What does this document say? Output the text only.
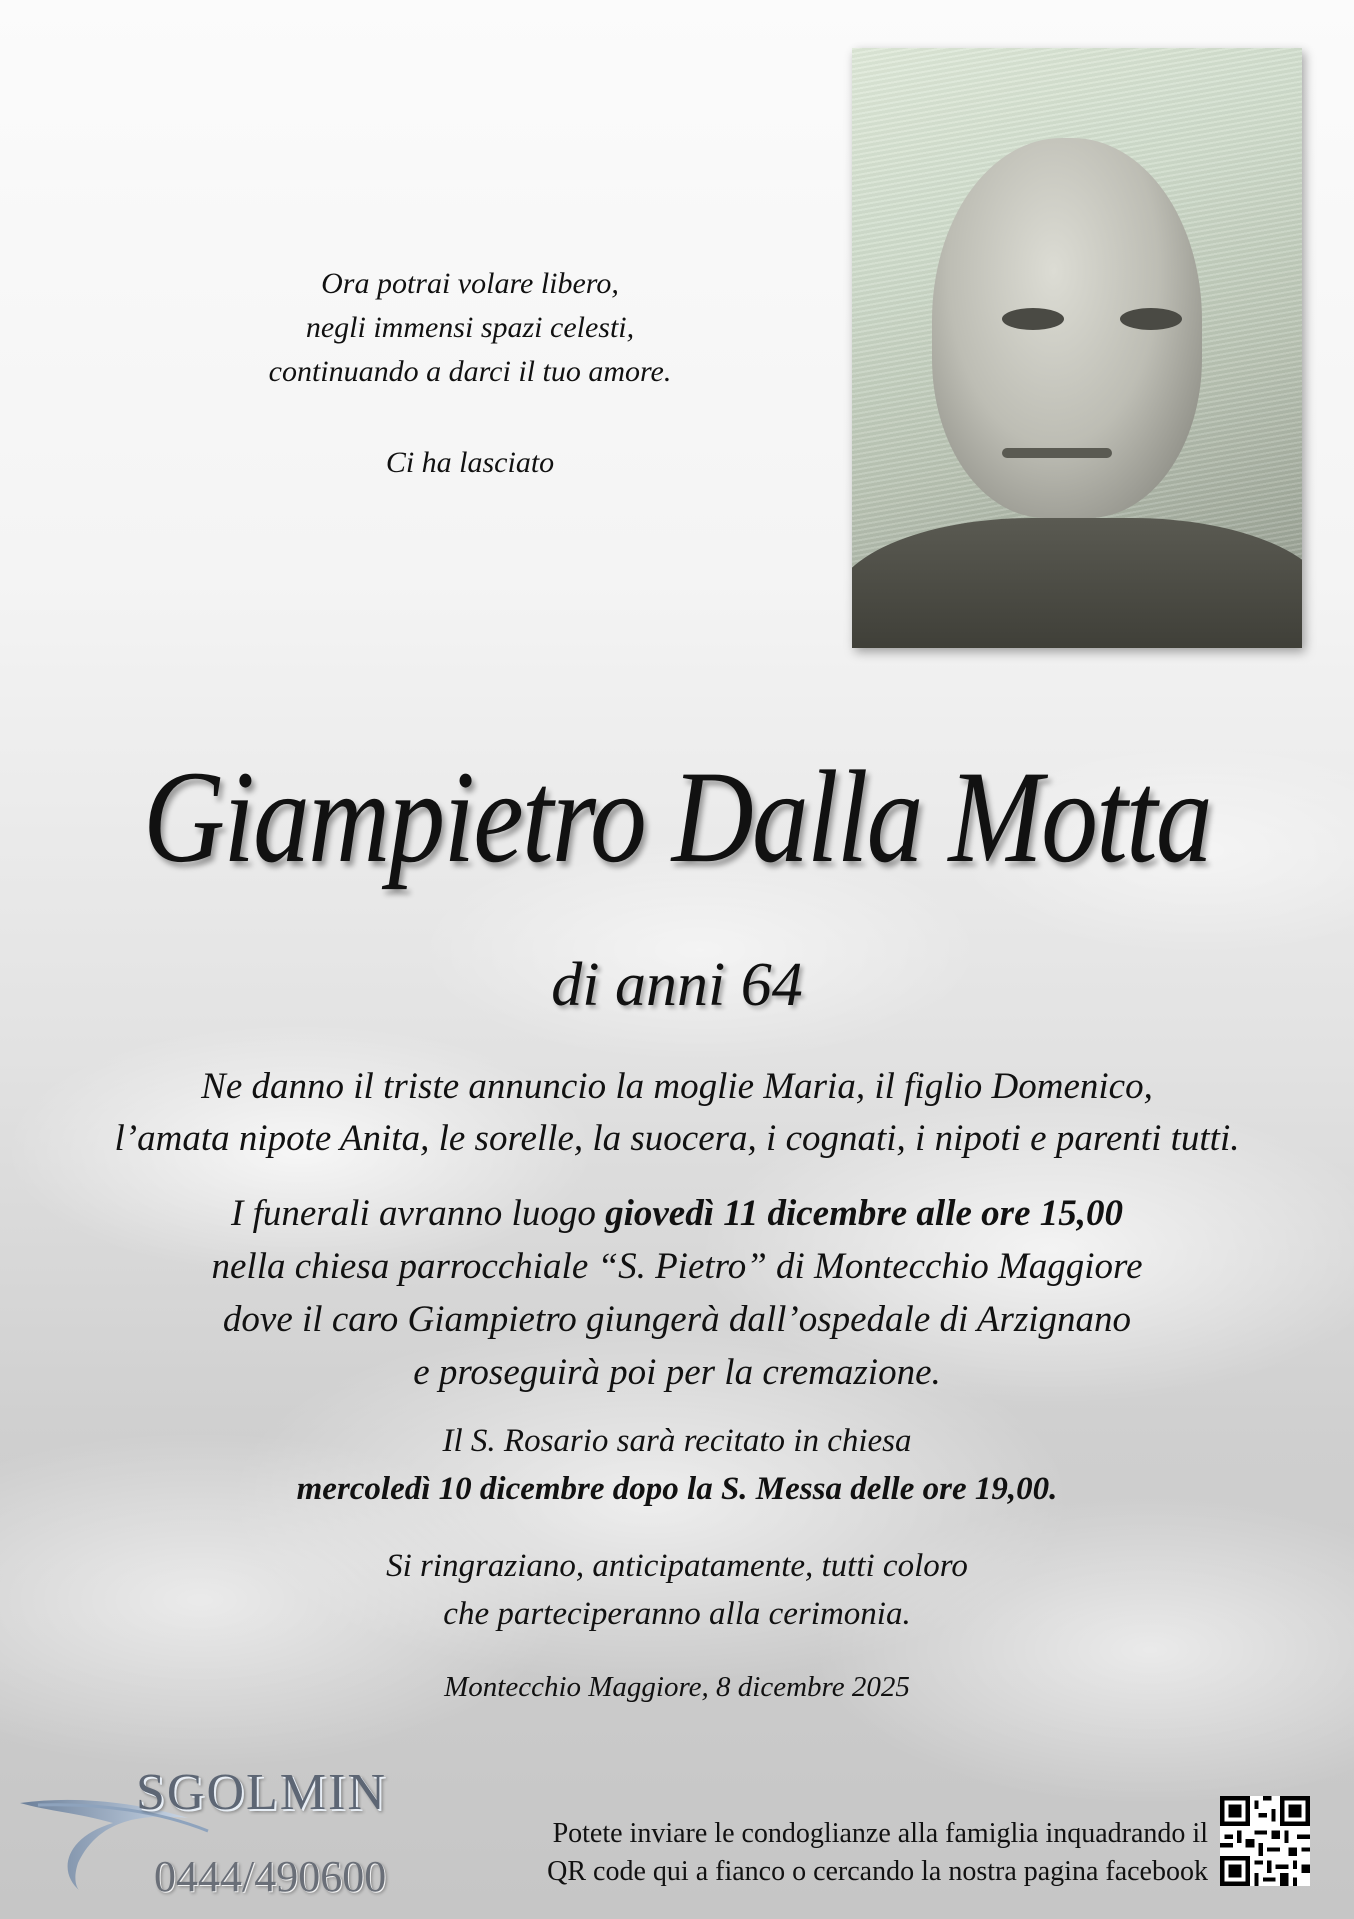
Ora potrai volare libero,
negli immensi spazi celesti,
continuando a darci il tuo amore.
Ci ha lasciato
Giampietro Dalla Motta
di anni 64
Ne danno il triste annuncio la moglie Maria, il figlio Domenico,
l’amata nipote Anita, le sorelle, la suocera, i cognati, i nipoti e parenti tutti.
I funerali avranno luogo giovedì 11 dicembre alle ore 15,00
nella chiesa parrocchiale “S. Pietro” di Montecchio Maggiore
dove il caro Giampietro giungerà dall’ospedale di Arzignano
e proseguirà poi per la cremazione.
Il S. Rosario sarà recitato in chiesa
mercoledì 10 dicembre dopo la S. Messa delle ore 19,00.
Si ringraziano, anticipatamente, tutti coloro
che parteciperanno alla cerimonia.
Montecchio Maggiore, 8 dicembre 2025
SGOLMIN
0444/490600
Potete inviare le condoglianze alla famiglia inquadrando il
QR code qui a fianco o cercando la nostra pagina facebook
